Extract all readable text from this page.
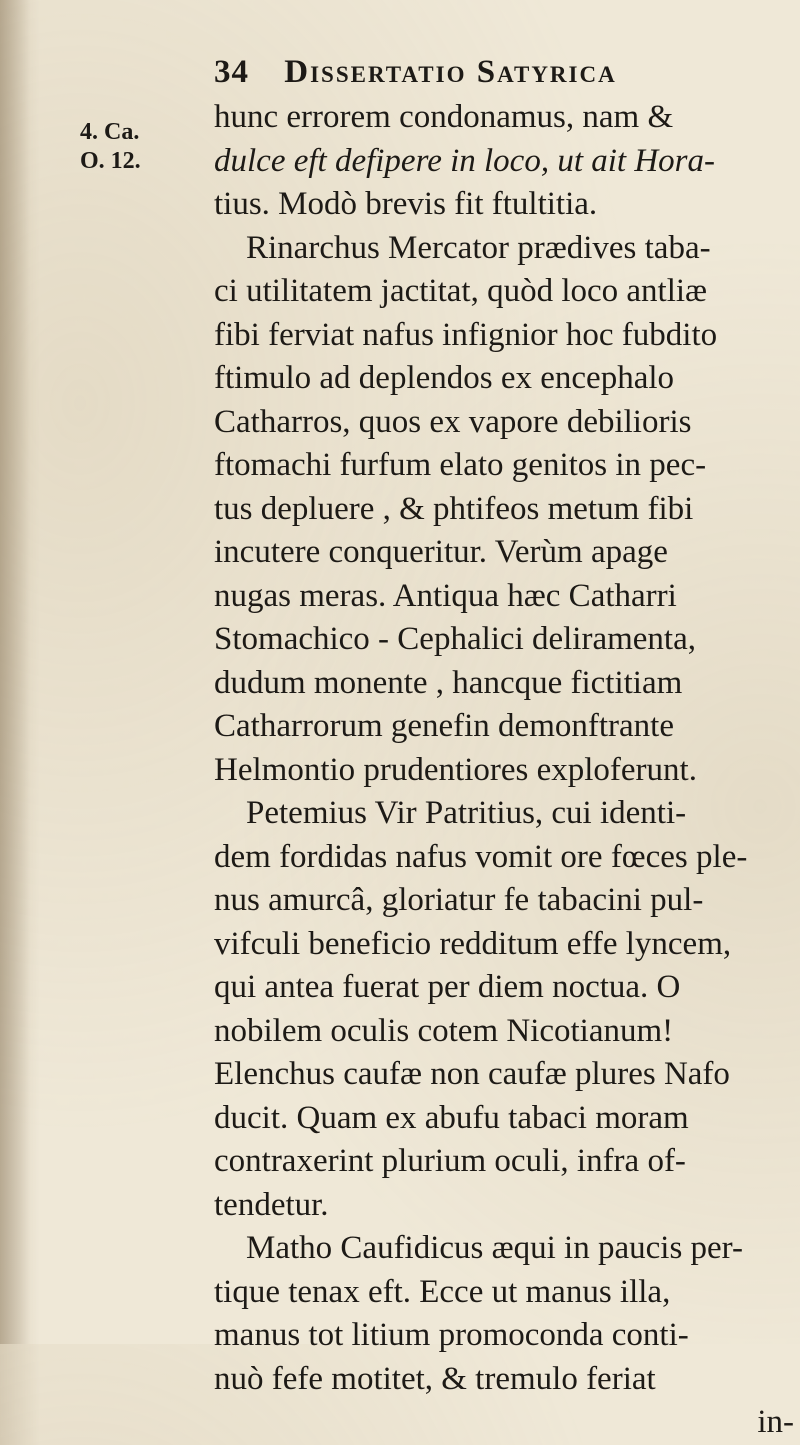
34 Dissertatio Satyrica
4. Ca.
O. 12.
hunc errorem condonamus, nam &
dulce eft defipere in loco, ut ait Hora-
tius. Modò brevis fit ftultitia.
Rinarchus Mercator prædives taba-
ci utilitatem jactitat, quòd loco antliæ
fibi ferviat nafus infignior hoc fubdito
ftimulo ad deplendos ex encephalo
Catharros, quos ex vapore debilioris
ftomachi furfum elato genitos in pec-
tus depluere , & phtifeos metum fibi
incutere conqueritur. Verùm apage
nugas meras. Antiqua hæc Catharri
Stomachico - Cephalici deliramenta,
dudum monente , hancque fictitiam
Catharrorum genefin demonftrante
Helmontio prudentiores exploferunt.
Petemius Vir Patritius, cui identi-
dem fordidas nafus vomit ore fœces ple-
nus amurcâ, gloriatur fe tabacini pul-
vifculi beneficio redditum effe lyncem,
qui antea fuerat per diem noctua. O
nobilem oculis cotem Nicotianum!
Elenchus caufæ non caufæ plures Nafo
ducit. Quam ex abufu tabaci moram
contraxerint plurium oculi, infra of-
tendetur.
Matho Caufidicus æqui in paucis per-
tique tenax eft. Ecce ut manus illa,
manus tot litium promoconda conti-
nuò fefe motitet, & tremulo feriat
in-
